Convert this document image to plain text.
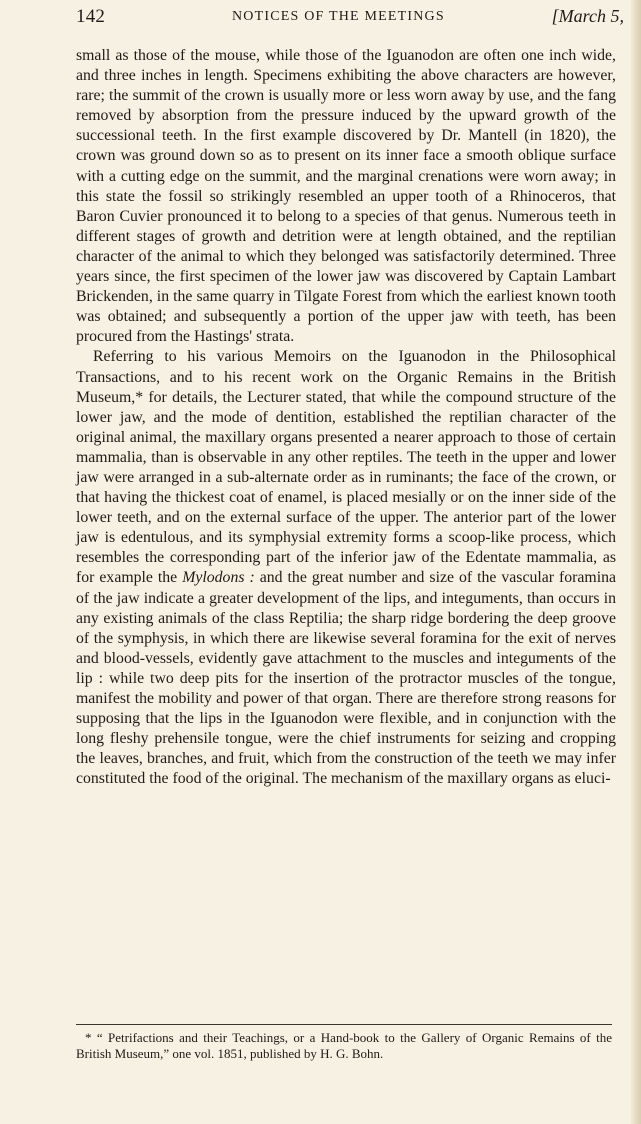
142	NOTICES OF THE MEETINGS	[March 5,

small as those of the mouse, while those of the Iguanodon are often one inch wide, and three inches in length. Specimens exhibiting the above characters are however, rare; the summit of the crown is usually more or less worn away by use, and the fang removed by absorption from the pressure induced by the upward growth of the successional teeth. In the first example discovered by Dr. Mantell (in 1820), the crown was ground down so as to present on its inner face a smooth oblique surface with a cutting edge on the summit, and the marginal crenations were worn away; in this state the fossil so strikingly resembled an upper tooth of a Rhinoceros, that Baron Cuvier pronounced it to belong to a species of that genus. Numerous teeth in different stages of growth and detrition were at length obtained, and the reptilian character of the animal to which they belonged was satisfactorily determined. Three years since, the first specimen of the lower jaw was discovered by Captain Lambart Brickenden, in the same quarry in Tilgate Forest from which the earliest known tooth was obtained; and subsequently a portion of the upper jaw with teeth, has been procured from the Hastings' strata.

Referring to his various Memoirs on the Iguanodon in the Philosophical Transactions, and to his recent work on the Organic Remains in the British Museum,* for details, the Lecturer stated, that while the compound structure of the lower jaw, and the mode of dentition, established the reptilian character of the original animal, the maxillary organs presented a nearer approach to those of certain mammalia, than is observable in any other reptiles. The teeth in the upper and lower jaw were arranged in a sub-alternate order as in ruminants; the face of the crown, or that having the thickest coat of enamel, is placed mesially or on the inner side of the lower teeth, and on the external surface of the upper. The anterior part of the lower jaw is edentulous, and its symphysial extremity forms a scoop-like process, which resembles the corresponding part of the inferior jaw of the Edentate mammalia, as for example the Mylodons : and the great number and size of the vascular foramina of the jaw indicate a greater development of the lips, and integuments, than occurs in any existing animals of the class Reptilia; the sharp ridge bordering the deep groove of the symphysis, in which there are likewise several foramina for the exit of nerves and blood-vessels, evidently gave attachment to the muscles and integuments of the lip : while two deep pits for the insertion of the protractor muscles of the tongue, manifest the mobility and power of that organ. There are therefore strong reasons for supposing that the lips in the Iguanodon were flexible, and in conjunction with the long fleshy prehensile tongue, were the chief instruments for seizing and cropping the leaves, branches, and fruit, which from the construction of the teeth we may infer constituted the food of the original. The mechanism of the maxillary organs as eluci-

* “ Petrifactions and their Teachings, or a Hand-book to the Gallery of Organic Remains of the British Museum,” one vol. 1851, published by H. G. Bohn.
